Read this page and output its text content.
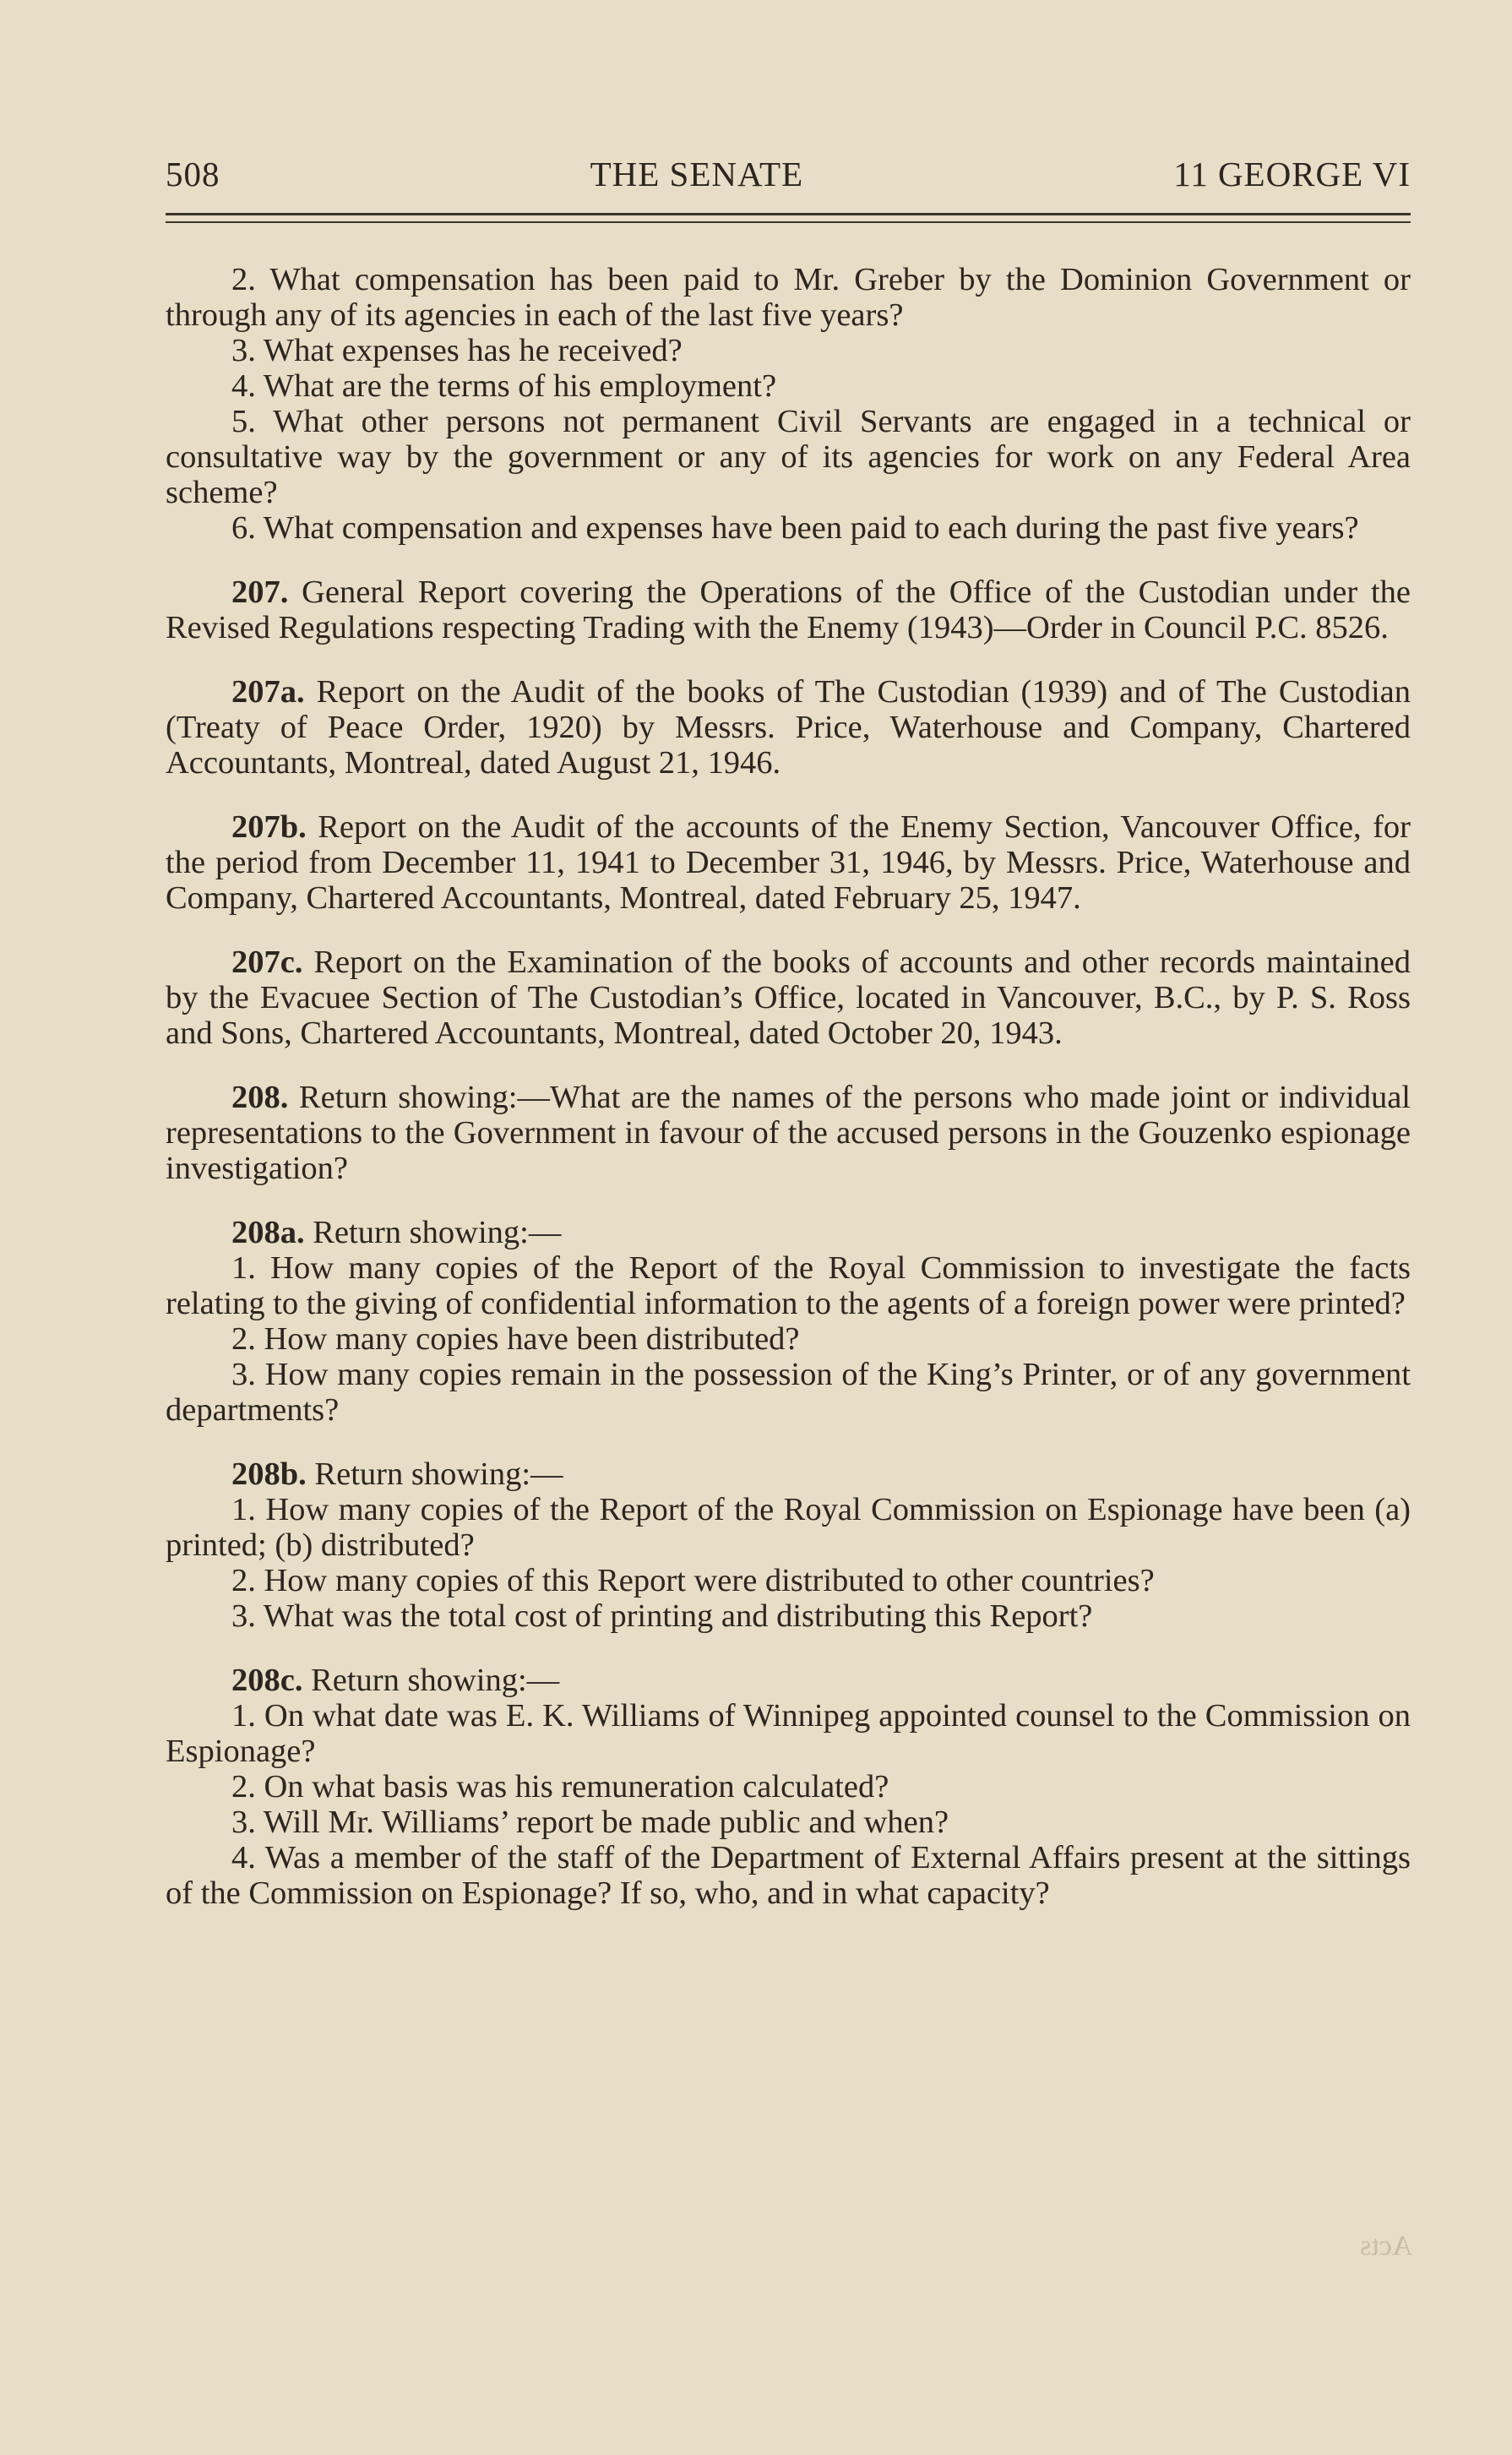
508	THE SENATE	11 GEORGE VI

2. What compensation has been paid to Mr. Greber by the Dominion Government or through any of its agencies in each of the last five years?

3. What expenses has he received?

4. What are the terms of his employment?

5. What other persons not permanent Civil Servants are engaged in a technical or consultative way by the government or any of its agencies for work on any Federal Area scheme?

6. What compensation and expenses have been paid to each during the past five years?

207. General Report covering the Operations of the Office of the Custodian under the Revised Regulations respecting Trading with the Enemy (1943)—Order in Council P.C. 8526.

207a. Report on the Audit of the books of The Custodian (1939) and of The Custodian (Treaty of Peace Order, 1920) by Messrs. Price, Waterhouse and Company, Chartered Accountants, Montreal, dated August 21, 1946.

207b. Report on the Audit of the accounts of the Enemy Section, Vancouver Office, for the period from December 11, 1941 to December 31, 1946, by Messrs. Price, Waterhouse and Company, Chartered Accountants, Montreal, dated February 25, 1947.

207c. Report on the Examination of the books of accounts and other records maintained by the Evacuee Section of The Custodian’s Office, located in Vancouver, B.C., by P. S. Ross and Sons, Chartered Accountants, Montreal, dated October 20, 1943.

208. Return showing:—What are the names of the persons who made joint or individual representations to the Government in favour of the accused persons in the Gouzenko espionage investigation?

208a. Return showing:—

1. How many copies of the Report of the Royal Commission to investigate the facts relating to the giving of confidential information to the agents of a foreign power were printed?

2. How many copies have been distributed?

3. How many copies remain in the possession of the King’s Printer, or of any government departments?

208b. Return showing:—

1. How many copies of the Report of the Royal Commission on Espionage have been (a) printed; (b) distributed?

2. How many copies of this Report were distributed to other countries?

3. What was the total cost of printing and distributing this Report?

208c. Return showing:—

1. On what date was E. K. Williams of Winnipeg appointed counsel to the Commission on Espionage?

2. On what basis was his remuneration calculated?

3. Will Mr. Williams’ report be made public and when?

4. Was a member of the staff of the Department of External Affairs present at the sittings of the Commission on Espionage? If so, who, and in what capacity?

Acts
